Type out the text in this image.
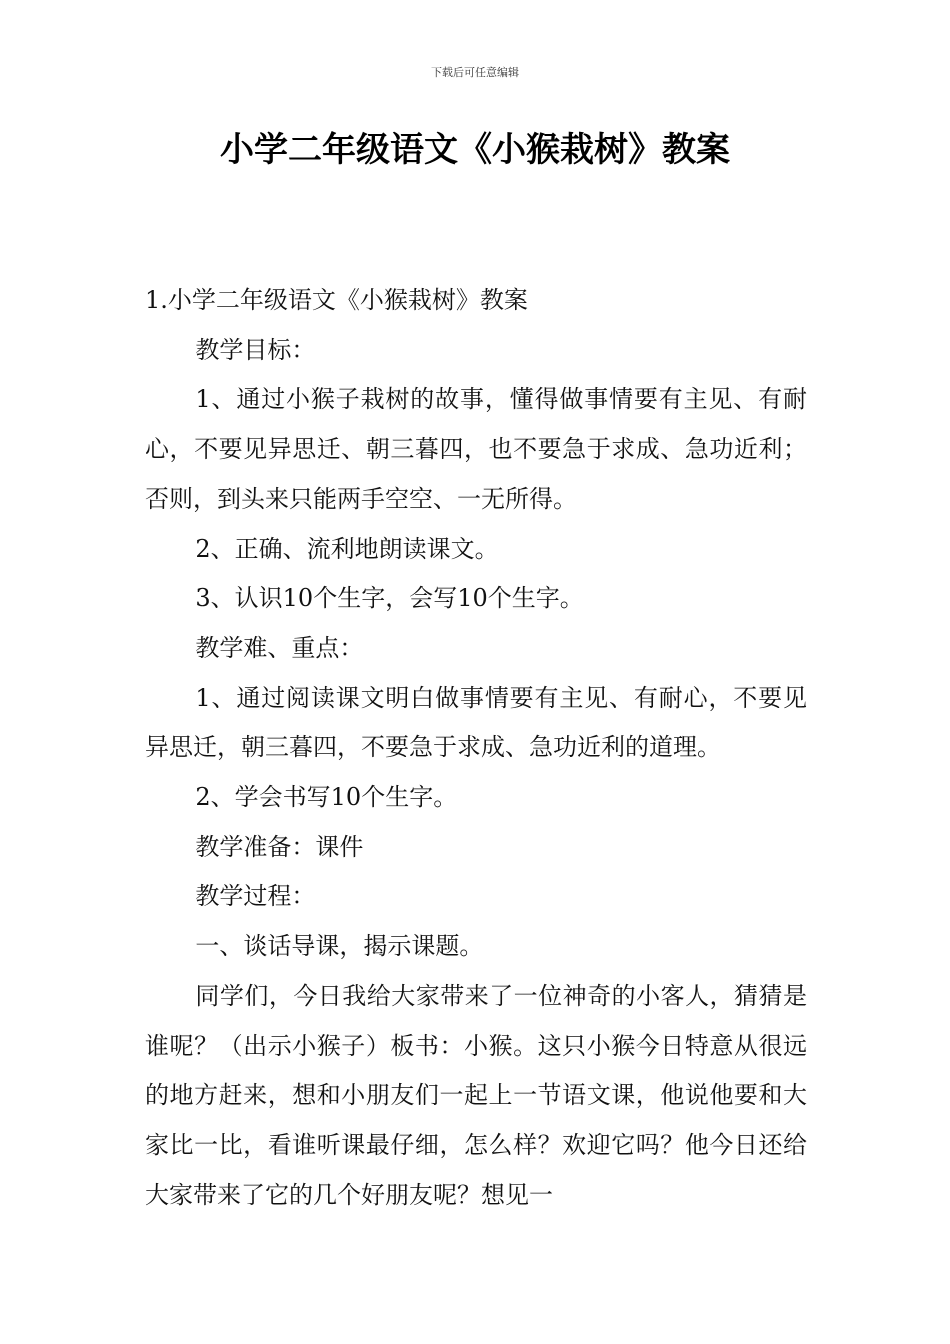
下载后可任意编辑
小学二年级语文《小猴栽树》教案

1.小学二年级语文《小猴栽树》教案

教学目标：

1、通过小猴子栽树的故事，懂得做事情要有主见、有耐心，不要见异思迁、朝三暮四，也不要急于求成、急功近利；否则，到头来只能两手空空、一无所得。

2、正确、流利地朗读课文。

3、认识10个生字，会写10个生字。

教学难、重点：

1、通过阅读课文明白做事情要有主见、有耐心，不要见异思迁，朝三暮四，不要急于求成、急功近利的道理。

2、学会书写10个生字。

教学准备：课件

教学过程：

一、谈话导课，揭示课题。

同学们，今日我给大家带来了一位神奇的小客人，猜猜是谁呢？（出示小猴子）板书：小猴。这只小猴今日特意从很远的地方赶来，想和小朋友们一起上一节语文课，他说他要和大家比一比，看谁听课最仔细，怎么样？欢迎它吗？他今日还给大家带来了它的几个好朋友呢？想见一
